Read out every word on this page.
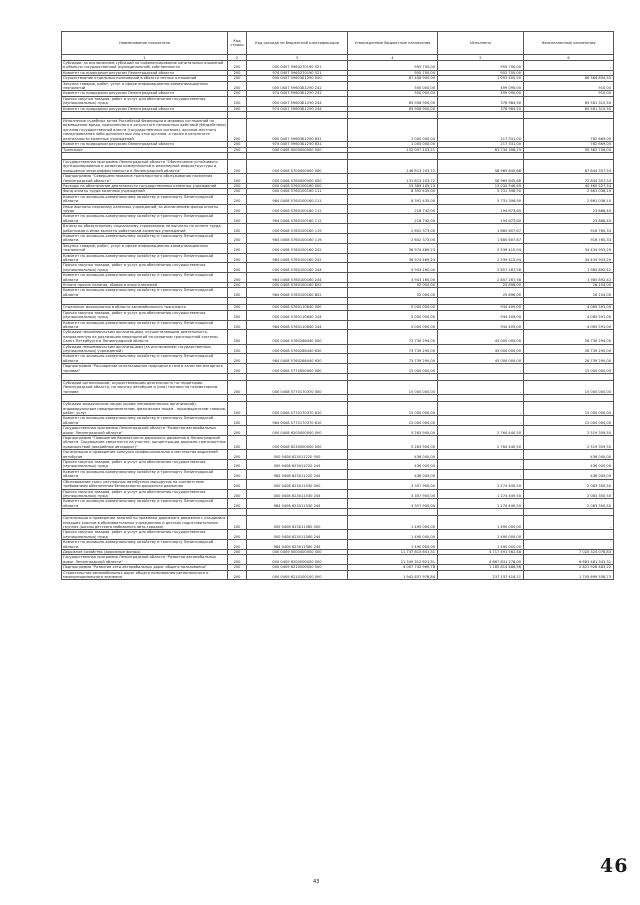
Наименование показателя	Код строки	Код расхода по бюджетной классификации	Утвержденные бюджетные назначения	Исполнено	Неисполненные назначения
1	2	3	4	5	6
Субсидии, за исключением субсидий на софинансирование капитальных вложений в объекты государственной (муниципальной) собственности	200	000 0407 5960270190 521	955 700,00	955 700,00	-
Комитет по природным ресурсам Ленинградской области	200	974 0407 5960270190 521	955 700,00	955 700,00	-
Осуществление отдельных полномочий в области лесных отношений	200	000 0407 59603Б1290 000	67 458 900,00	1 093 405,50	66 364 894,50
Закупка товаров, работ, услуг в сфере информационно-коммуникационных технологий	200	000 0407 59603Б1290 242	500 000,00	499 090,00	910,00
Комитет по природным ресурсам Ленинградской области	200	974 0407 59603Б1290 242	500 000,00	499 090,00	910,00
Прочая закупка товаров, работ и услуг для обеспечения государственных (муниципальных) нужд	200	000 0407 59603Б1290 244	65 958 900,00	378 984,50	65 581 315,50
Комитет по природным ресурсам Ленинградской области	200	974 0407 59603Б1290 244	65 958 900,00	378 984,50	65 581 315,50

Исполнение судебных актов Российской Федерации и мировых соглашений по возмещению вреда, причиненного в результате незаконных действий (бездействия) органов государственной власти (государственных органов), органов местного самоуправления либо должностных лиц этих органов, а также в результате деятельности казенных учреждений	200	000 0407 59603Б1290 831	1 000 000,00	217 331,00	782 669,00
Комитет по природным ресурсам Ленинградской области	200	974 0407 59603Б1290 831	1 000 000,00	217 331,00	782 669,00
Транспорт	200	000 0408 0000000000 000	152 097 103,21	61 734 396,19	90 362 706,04

Государственная программа Ленинградской области "Обеспечение устойчивого функционирования и развития коммунальной и инженерной инфраструктуры и повышение энергоэффективности в Ленинградской области"	200	000 0408 5700000000 000	146 813 203,72	58 969 845,68	87 844 357,54
Подпрограмма "Совершенствование транспортного обслуживания населения Ленинградской области"	200	000 0408 5760000000 000	131 813 203,72	58 969 845,68	72 844 357,54
Расходы на обеспечение деятельности государственных казенных учреждений	200	000 0408 5760100160 000	53 389 109,23	13 034 546,69	40 460 527,54
Фонд оплаты труда казенных учреждений	200	000 0408 5760100160 111	8 392 435,00	5 731 398,90	2 661 036,10
Комитет по жилищно-коммунальному хозяйству и транспорту Ленинградской области	200	984 0408 5760100160 111	8 392 435,00	5 731 398,90	2 661 036,10
Иные выплаты персоналу казенных учреждений, за исключением фонда оплаты труда	200	000 0408 5760100160 112	218 742,00	194 873,60	23 868,40
Комитет по жилищно-коммунальному хозяйству и транспорту Ленинградской области	200	984 0408 5760100160 112	218 742,00	194 873,60	23 868,40
Взносы по обязательному социальному страхованию на выплаты по оплате труда работников и иные выплаты работникам казенных учреждений	200	000 0408 5760100160 119	2 602 373,00	1 685 607,67	916 765,33
Комитет по жилищно-коммунальному хозяйству и транспорту Ленинградской области	200	984 0408 5760100160 119	2 602 373,00	1 685 607,67	916 765,33
Закупка товаров, работ, услуг в сфере информационно-коммуникационных технологий	200	000 0408 5760100160 242	36 974 469,23	2 539 415,94	34 434 953,29
Комитет по жилищно-коммунальному хозяйству и транспорту Ленинградской области	200	984 0408 5760100160 242	36 974 469,23	2 539 415,94	34 434 953,29
Прочая закупка товаров, работ и услуг для обеспечения государственных (муниципальных) нужд	200	000 0408 5760100160 244	4 943 160,00	2 857 267,58	1 985 892,42
Комитет по жилищно-коммунальному хозяйству и транспорту Ленинградской области	200	984 0408 5760100160 244	4 943 160,00	2 857 267,58	1 985 892,42
Уплата прочих налогов, сборов и иных платежей	200	000 0408 5760100160 852	52 000,00	25 896,00	26 104,00
Комитет по жилищно-коммунальному хозяйству и транспорту Ленинградской области	200	984 0408 5760100160 852	52 000,00	25 896,00	26 104,00

Отдельные мероприятия в области автомобильного транспорта	200	000 0408 5760110640 000	5 000 000,00	934 409,00	4 065 591,00
Прочая закупка товаров, работ и услуг для обеспечения государственных (муниципальных) нужд	200	000 0408 5760110640 244	5 000 000,00	934 409,00	4 065 591,00
Комитет по жилищно-коммунальному хозяйству и транспорту Ленинградской области	200	984 0408 5760110640 244	5 000 000,00	934 409,00	4 065 591,00
Субсидии некоммерческим организациям, осуществляющим деятельность, направленную на реализацию мероприятий по развитию транспортной системы Санкт-Петербурга и Ленинградской области	200	000 0408 5760266440 000	73 739 290,00	45 000 000,00	28 739 290,00
Субсидии некоммерческим организациям (за исключением государственных (муниципальных) учреждений)	200	000 0408 5760266440 630	73 739 290,00	45 000 000,00	28 739 290,00
Комитет по жилищно-коммунальному хозяйству и транспорту Ленинградской области	200	984 0408 5760266440 630	73 739 290,00	45 000 000,00	28 739 290,00
Подпрограмма "Расширение использования природного газа в качестве моторного топлива"	200	000 0408 5770000000 000	15 000 000,00	-	15 000 000,00

Субсидии организациям, осуществляющим деятельность на территории Ленинградской области, на закупку автобусов и (или) техники на газомоторном топливе	200	000 0408 5770170370 000	15 000 000,00	-	15 000 000,00

Субсидии юридическим лицам (кроме некоммерческих организаций), индивидуальным предпринимателям, физическим лицам - производителям товаров, работ, услуг	200	000 0408 5770170370 810	15 000 000,00	-	15 000 000,00
Комитет по жилищно-коммунальному хозяйству и транспорту Ленинградской области	200	984 0408 5770170370 810	15 000 000,00	-	15 000 000,00
Государственная программа Ленинградской области "Развитие автомобильных дорог Ленинградской области"	200	000 0408 6200000000 000	5 283 900,00	2 764 440,50	2 519 359,50
Подпрограмма "Повышение безопасности дорожного движения в Ленинградской области. Сокращение смертности на участке, концентрации дорожно-транспортных происшествий (аварийных автодорог)"	200	000 0408 6230000000 000	5 283 900,00	2 764 440,50	2 519 359,50
Организация и проведение конкурса профессионального мастерства водителей автобусов	200	000 0408 623011220 000	436 000,00	-	436 000,00
Прочая закупка товаров, работ и услуг для обеспечения государственных (муниципальных) нужд	200	000 0408 623011220 244	436 000,00	-	436 000,00
Комитет по жилищно-коммунальному хозяйству и транспорту Ленинградской области	200	984 0408 623011220 244	436 000,00	-	436 000,00
Обследование трасс регулярных автобусных маршрутов на соответствие требованиям обеспечения безопасности дорожного движения	200	000 0408 623011530 000	3 357 900,00	1 274 449,50	2 083 350,50
Прочая закупка товаров, работ и услуг для обеспечения государственных (муниципальных) нужд	200	000 0408 623011530 244	3 357 900,00	1 274 449,50	2 083 350,50
Комитет по жилищно-коммунальному хозяйству и транспорту Ленинградской области	200	984 0408 623011530 244	3 357 900,00	1 274 449,50	2 083 350,50

Организация и проведение занятий по правилам дорожного движения с учащимися младших классов в образовательных учреждениях и детских подготовительных группах (школы детского мобильного авто-городка)	200	000 0408 623011580 000	1 490 000,00	1 490 000,00	-
Прочая закупка товаров, работ и услуг для обеспечения государственных (муниципальных) нужд	200	000 0408 623011580 244	1 490 000,00	1 490 000,00	-
Комитет по жилищно-коммунальному хозяйству и транспорту Ленинградской области	200	984 0408 623011580 244	1 490 000,00	1 490 000,00	-
Дорожное хозяйство (дорожные фонды)	200	000 0409 0000000000 000	11 737 815 641,31	4 717 491 562,48	7 020 324 078,83
Государственная программа Ленинградской области "Развитие автомобильных дорог Ленинградской области"	200	000 0409 6200000000 000	11 349 312 621,31	4 667 831 278,00	6 681 481 343,31
Подпрограмма "Развитие сети автомобильных дорог общего пользования"	200	000 0409 6210000000 000	4 007 742 969,78	1 185 814 486,56	2 821 928 483,22
Строительство автомобильных дорог общего пользования регионального и межмуниципального значения	200	000 0409 6210100100 000	1 942 837 976,84	237 137 418,11	1 705 699 558,73
43
46
